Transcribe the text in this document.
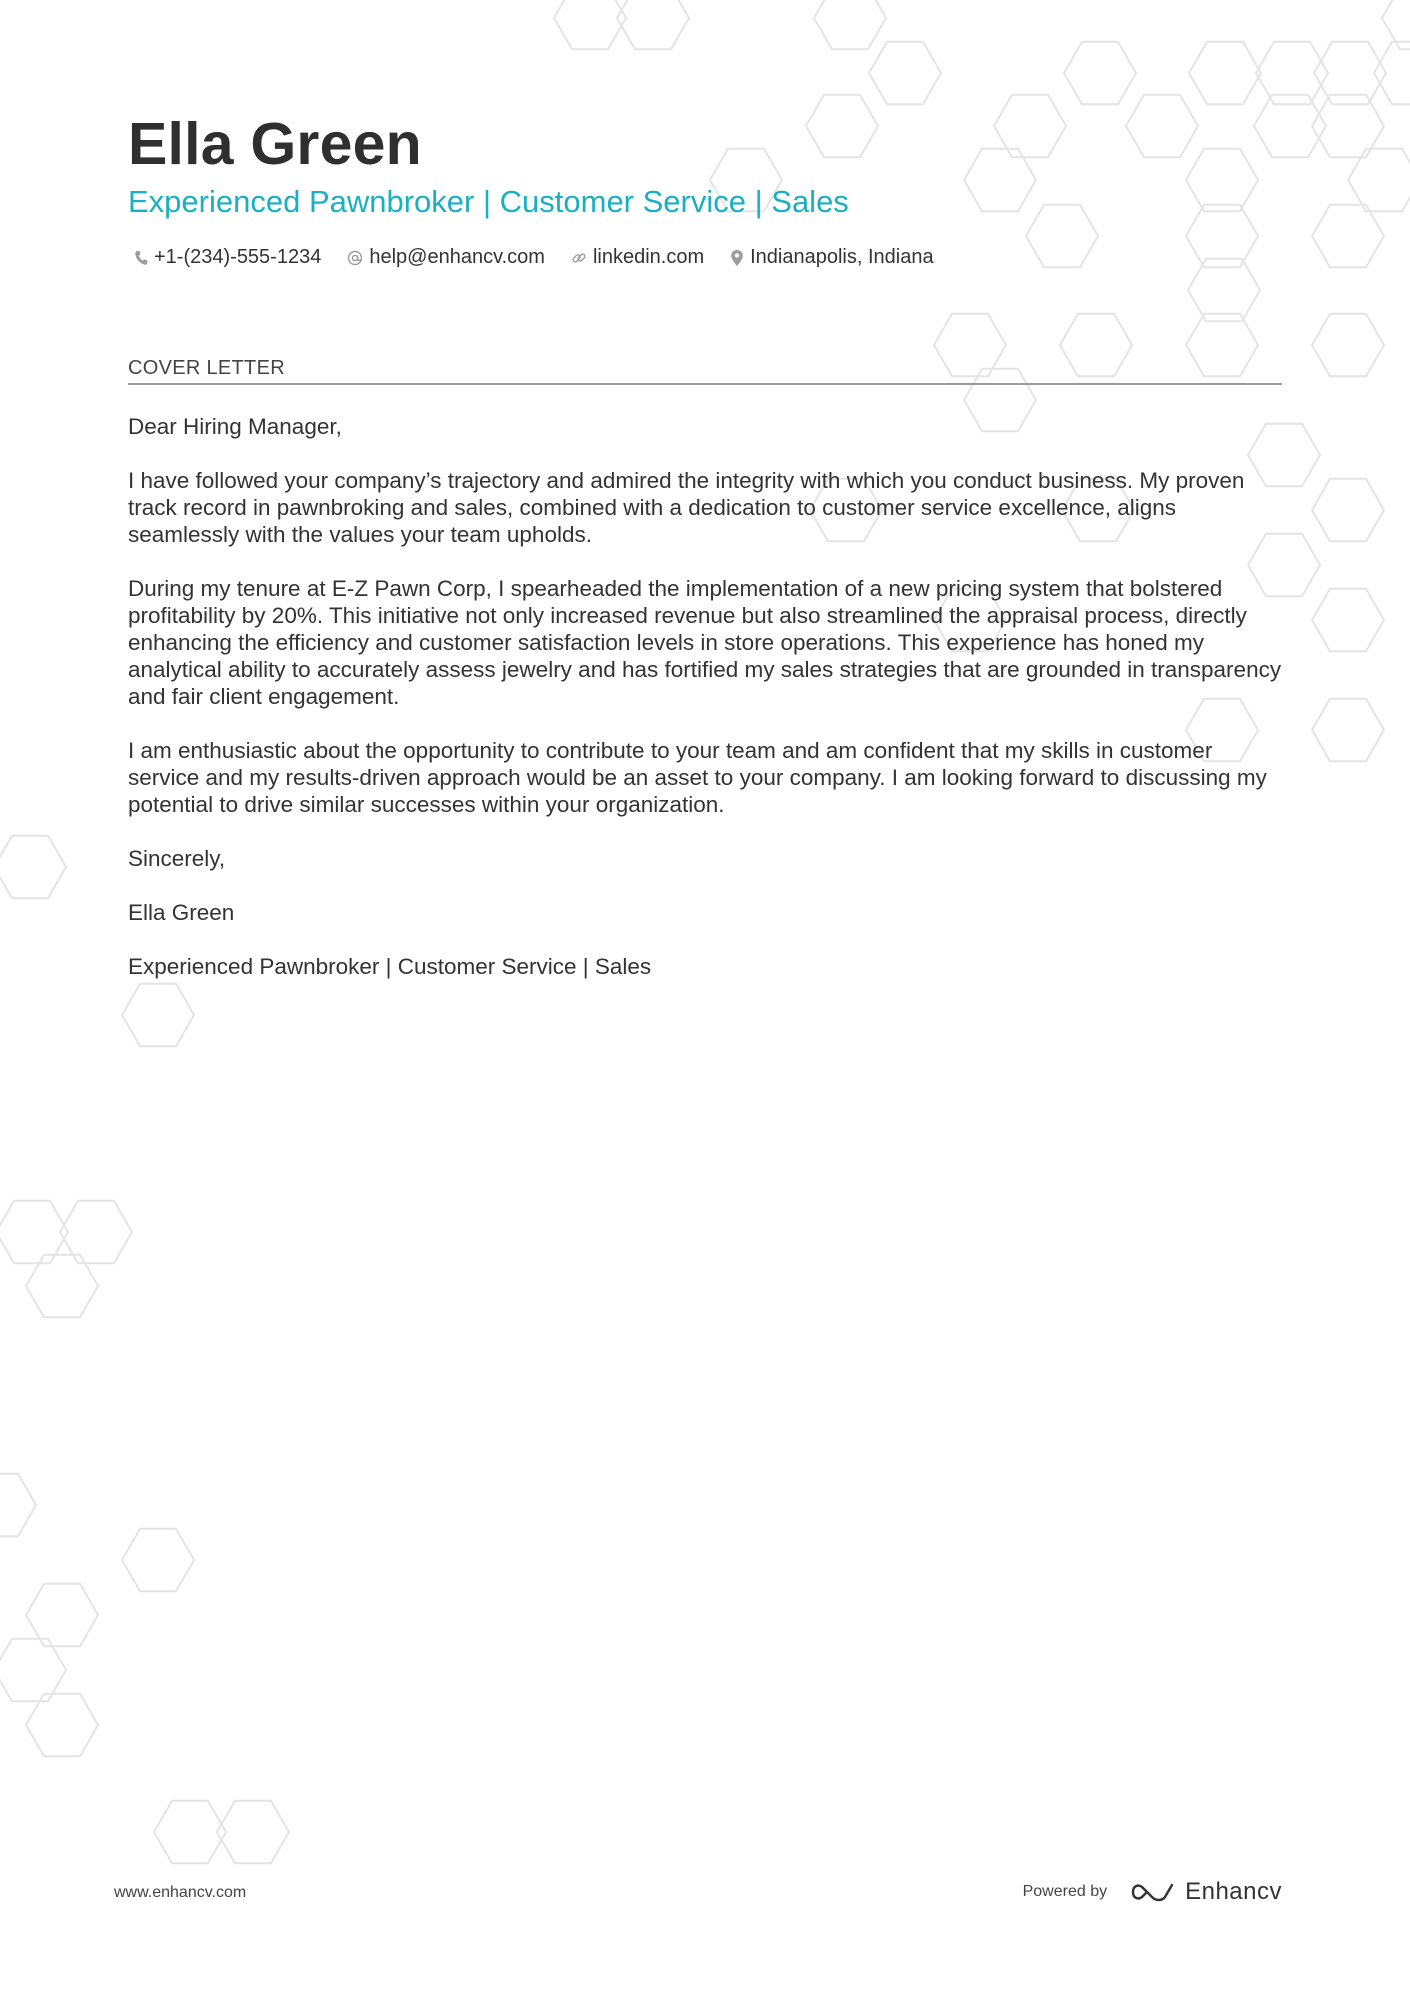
Ella Green
Experienced Pawnbroker | Customer Service | Sales
+1-(234)-555-1234 help@enhancv.com linkedin.com Indianapolis, Indiana
COVER LETTER

Dear Hiring Manager,

I have followed your company’s trajectory and admired the integrity with which you conduct business. My proven track record in pawnbroking and sales, combined with a dedication to customer service excellence, aligns seamlessly with the values your team upholds.

During my tenure at E-Z Pawn Corp, I spearheaded the implementation of a new pricing system that bolstered profitability by 20%. This initiative not only increased revenue but also streamlined the appraisal process, directly enhancing the efficiency and customer satisfaction levels in store operations. This experience has honed my analytical ability to accurately assess jewelry and has fortified my sales strategies that are grounded in transparency and fair client engagement.

I am enthusiastic about the opportunity to contribute to your team and am confident that my skills in customer service and my results-driven approach would be an asset to your company. I am looking forward to discussing my potential to drive similar successes within your organization.

Sincerely,

Ella Green

Experienced Pawnbroker | Customer Service | Sales

www.enhancv.com	Powered by	Enhancv
